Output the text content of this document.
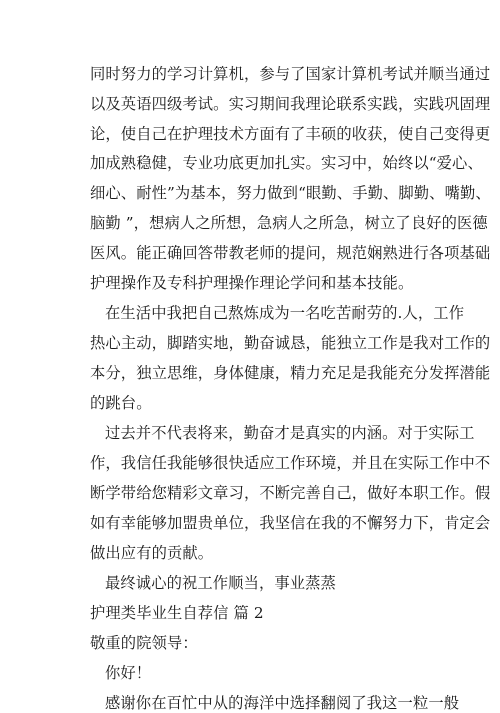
同时努力的学习计算机，参与了国家计算机考试并顺当通过
以及英语四级考试。实习期间我理论联系实践，实践巩固理
论，使自己在护理技术方面有了丰硕的收获，使自己变得更
加成熟稳健，专业功底更加扎实。实习中，始终以“爱心、
细心、耐性”为基本，努力做到“眼勤、手勤、脚勤、嘴勤、
脑勤 ”，想病人之所想，急病人之所急，树立了良好的医德
医风。能正确回答带教老师的提问，规范娴熟进行各项基础
护理操作及专科护理操作理论学问和基本技能。
在生活中我把自己熬炼成为一名吃苦耐劳的.人，工作
热心主动，脚踏实地，勤奋诚恳，能独立工作是我对工作的
本分，独立思维，身体健康，精力充足是我能充分发挥潜能
的跳台。
过去并不代表将来，勤奋才是真实的内涵。对于实际工
作，我信任我能够很快适应工作环境，并且在实际工作中不
断学带给您精彩文章习，不断完善自己，做好本职工作。假
如有幸能够加盟贵单位，我坚信在我的不懈努力下，肯定会
做出应有的贡献。
最终诚心的祝工作顺当，事业蒸蒸
护理类毕业生自荐信 篇 2
敬重的院领导：
你好！
感谢你在百忙中从的海洋中选择翻阅了我这一粒一般
